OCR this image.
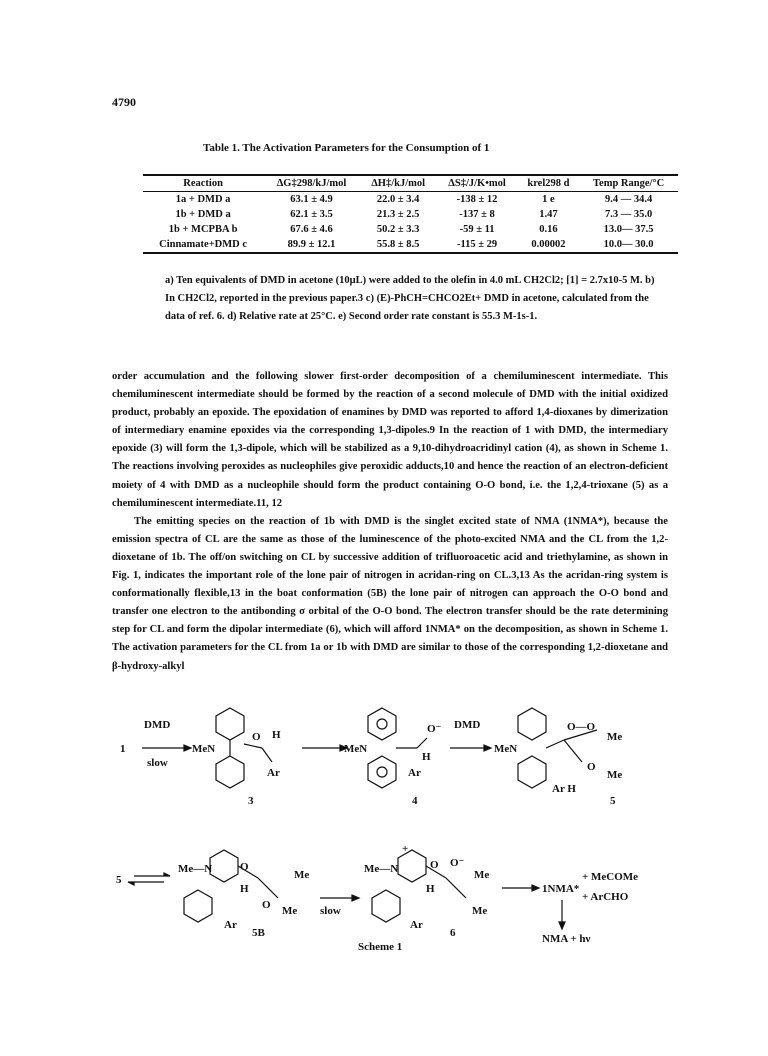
4790
Table 1. The Activation Parameters for the Consumption of 1
Reaction	ΔG‡298/kJ/mol	ΔH‡/kJ/mol	ΔS‡/J/K•mol	krel298 d	Temp Range/°C
1a + DMD a	63.1 ± 4.9	22.0 ± 3.4	-138 ± 12	1 e	9.4 — 34.4
1b + DMD a	62.1 ± 3.5	21.3 ± 2.5	-137 ± 8	1.47	7.3 — 35.0
1b + MCPBA b	67.6 ± 4.6	50.2 ± 3.3	-59 ± 11	0.16	13.0— 37.5
Cinnamate+DMD c	89.9 ± 12.1	55.8 ± 8.5	-115 ± 29	0.00002	10.0— 30.0
a) Ten equivalents of DMD in acetone (10μL) were added to the olefin in 4.0 mL CH2Cl2; [1] = 2.7x10-5 M. b) In CH2Cl2, reported in the previous paper.3 c) (E)-PhCH=CHCO2Et+ DMD in acetone, calculated from the data of ref. 6. d) Relative rate at 25°C. e) Second order rate constant is 55.3 M-1s-1.

order accumulation and the following slower first-order decomposition of a chemiluminescent intermediate. This chemiluminescent intermediate should be formed by the reaction of a second molecule of DMD with the initial oxidized product, probably an epoxide. The epoxidation of enamines by DMD was reported to afford 1,4-dioxanes by dimerization of intermediary enamine epoxides via the corresponding 1,3-dipoles.9 In the reaction of 1 with DMD, the intermediary epoxide (3) will form the 1,3-dipole, which will be stabilized as a 9,10-dihydroacridinyl cation (4), as shown in Scheme 1. The reactions involving peroxides as nucleophiles give peroxidic adducts,10 and hence the reaction of an electron-deficient moiety of 4 with DMD as a nucleophile should form the product containing O-O bond, i.e. the 1,2,4-trioxane (5) as a chemiluminescent intermediate.11, 12

The emitting species on the reaction of 1b with DMD is the singlet excited state of NMA (1NMA*), because the emission spectra of CL are the same as those of the luminescence of the photo-excited NMA and the CL from the 1,2-dioxetane of 1b. The off/on switching on CL by successive addition of trifluoroacetic acid and triethylamine, as shown in Fig. 1, indicates the important role of the lone pair of nitrogen in acridan-ring on CL.3,13 As the acridan-ring system is conformationally flexible,13 in the boat conformation (5B) the lone pair of nitrogen can approach the O-O bond and transfer one electron to the antibonding σ orbital of the O-O bond. The electron transfer should be the rate determining step for CL and form the dipolar intermediate (6), which will afford 1NMA* on the decomposition, as shown in Scheme 1. The activation parameters for the CL from 1a or 1b with DMD are similar to those of the corresponding 1,2-dioxetane and β-hydroxy-alkyl

DMD
1
slow
MeN
O H
Ar
3
MeN
O⁻
H
Ar
4
DMD
MeN
O—O
Me
O
Me
Ar H
5
5
Me—N
H
O
O
Me
Me
Ar
5B
slow
Me—N
+
H
O O⁻
Me
Me
Ar
6
1NMA*
+ MeCOMe
+ ArCHO
NMA + hν
Scheme 1
